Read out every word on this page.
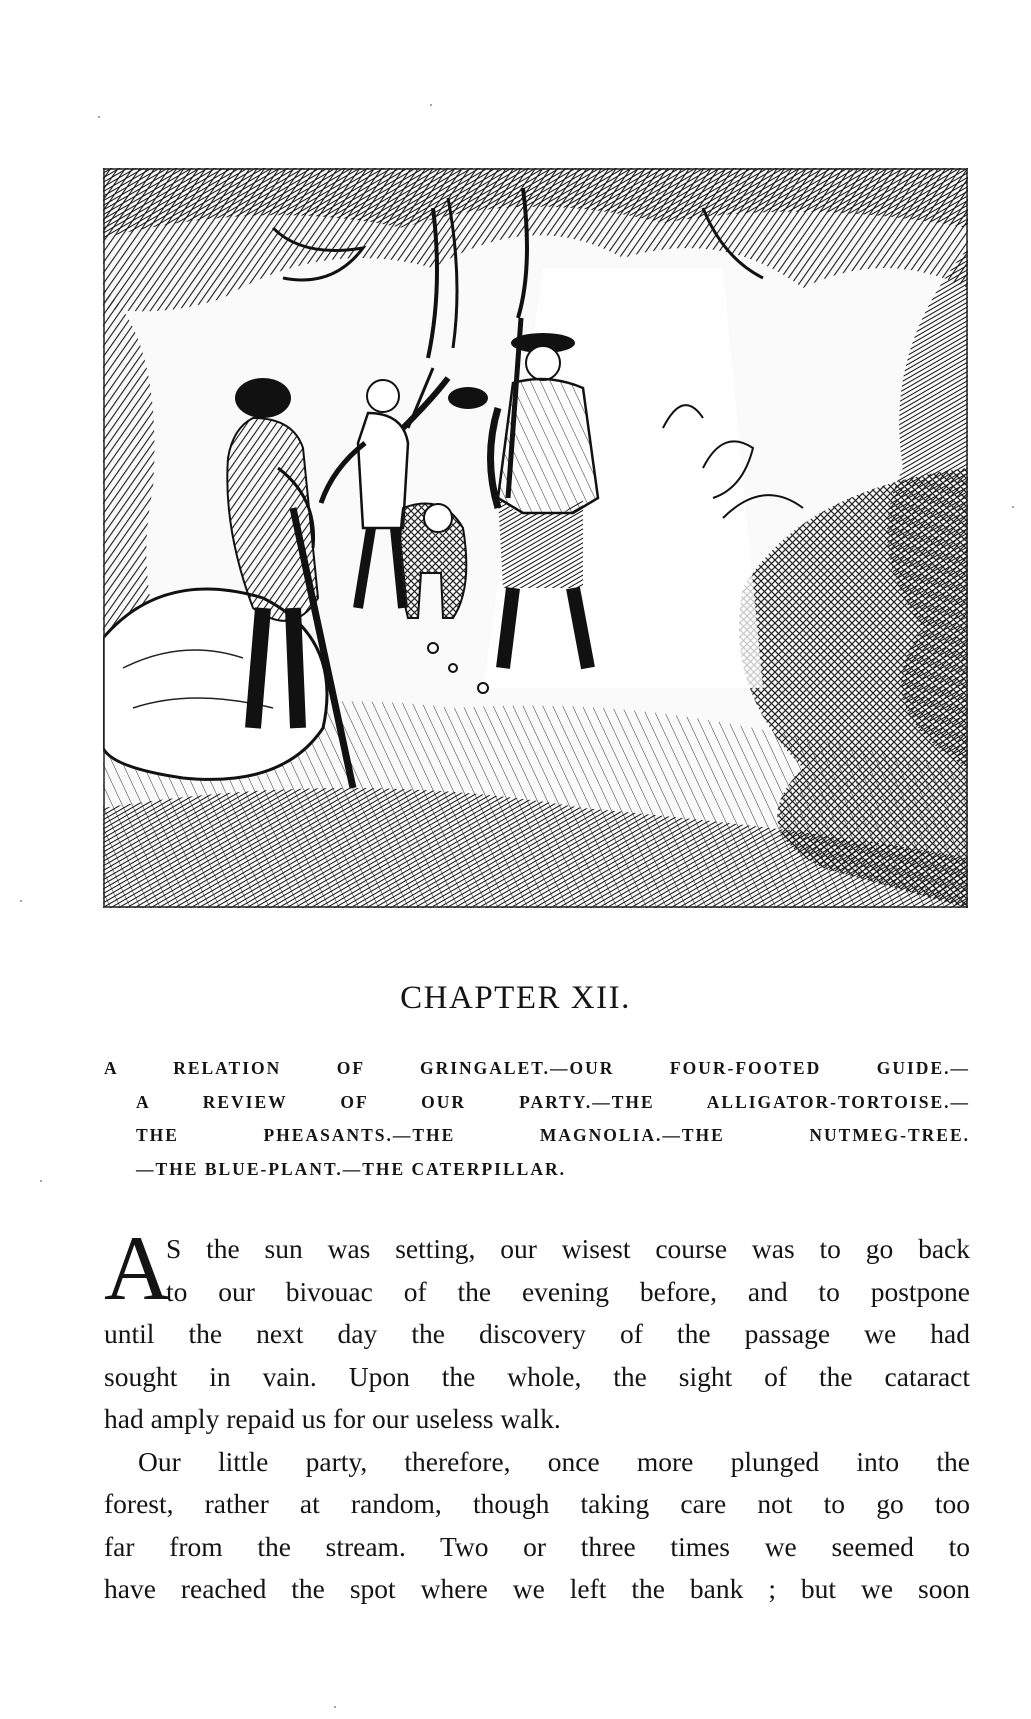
CHAPTER XII.
A RELATION OF GRINGALET.—OUR FOUR-FOOTED GUIDE.—
A REVIEW OF OUR PARTY.—THE ALLIGATOR-TORTOISE.—
THE PHEASANTS.—THE MAGNOLIA.—THE NUTMEG-TREE.
—THE BLUE-PLANT.—THE CATERPILLAR.
A
S the sun was setting, our wisest course was to go back
to our bivouac of the evening before, and to postpone
until the next day the discovery of the passage we had
sought in vain. Upon the whole, the sight of the cataract
had amply repaid us for our useless walk.
Our little party, therefore, once more plunged into the
forest, rather at random, though taking care not to go too
far from the stream. Two or three times we seemed to
have reached the spot where we left the bank ; but we soon
